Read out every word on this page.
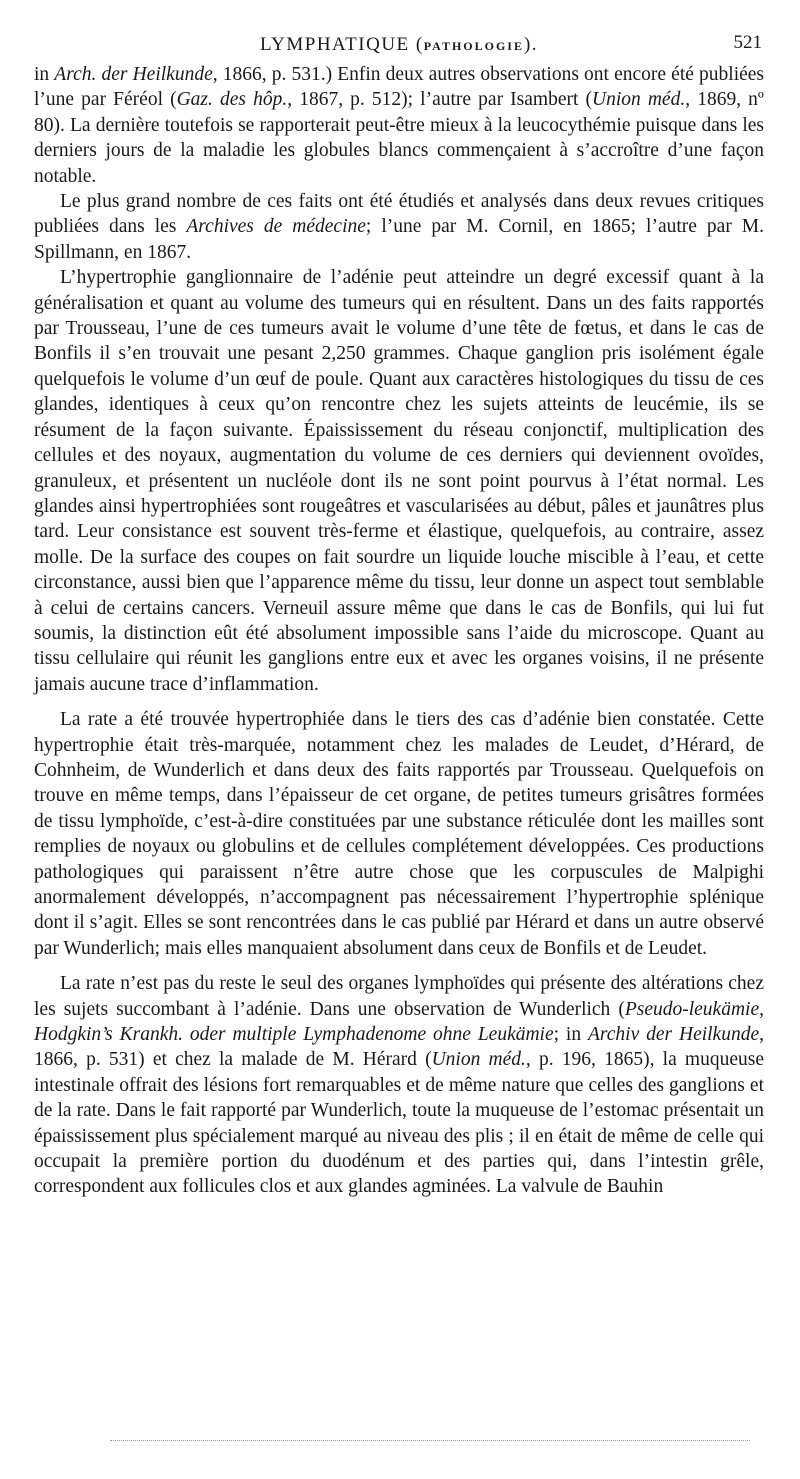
LYMPHATIQUE (PATHOLOGIE).	521

in Arch. der Heilkunde, 1866, p. 531.) Enfin deux autres observations ont encore été publiées l’une par Féréol (Gaz. des hôp., 1867, p. 512); l’autre par Isambert (Union méd., 1869, nº 80). La dernière toutefois se rapporterait peut-être mieux à la leucocythémie puisque dans les derniers jours de la maladie les globules blancs commençaient à s’accroître d’une façon notable.

Le plus grand nombre de ces faits ont été étudiés et analysés dans deux revues critiques publiées dans les Archives de médecine; l’une par M. Cornil, en 1865; l’autre par M. Spillmann, en 1867.

L’hypertrophie ganglionnaire de l’adénie peut atteindre un degré excessif quant à la généralisation et quant au volume des tumeurs qui en résultent. Dans un des faits rapportés par Trousseau, l’une de ces tumeurs avait le volume d’une tête de fœtus, et dans le cas de Bonfils il s’en trouvait une pesant 2,250 grammes. Chaque ganglion pris isolément égale quelquefois le volume d’un œuf de poule. Quant aux caractères histologiques du tissu de ces glandes, identiques à ceux qu’on rencontre chez les sujets atteints de leucémie, ils se résument de la façon suivante. Épaississement du réseau conjonctif, multiplication des cellules et des noyaux, augmentation du volume de ces derniers qui deviennent ovoïdes, granuleux, et présentent un nucléole dont ils ne sont point pourvus à l’état normal. Les glandes ainsi hypertrophiées sont rougeâtres et vascularisées au début, pâles et jaunâtres plus tard. Leur consistance est souvent très-ferme et élastique, quelquefois, au contraire, assez molle. De la surface des coupes on fait sourdre un liquide louche miscible à l’eau, et cette circonstance, aussi bien que l’apparence même du tissu, leur donne un aspect tout semblable à celui de certains cancers. Verneuil assure même que dans le cas de Bonfils, qui lui fut soumis, la distinction eût été absolument impossible sans l’aide du microscope. Quant au tissu cellulaire qui réunit les ganglions entre eux et avec les organes voisins, il ne présente jamais aucune trace d’inflammation.

La rate a été trouvée hypertrophiée dans le tiers des cas d’adénie bien constatée. Cette hypertrophie était très-marquée, notamment chez les malades de Leudet, d’Hérard, de Cohnheim, de Wunderlich et dans deux des faits rapportés par Trousseau. Quelquefois on trouve en même temps, dans l’épaisseur de cet organe, de petites tumeurs grisâtres formées de tissu lymphoïde, c’est-à-dire constituées par une substance réticulée dont les mailles sont remplies de noyaux ou globulins et de cellules complétement développées. Ces productions pathologiques qui paraissent n’être autre chose que les corpuscules de Malpighi anormalement développés, n’accompagnent pas nécessairement l’hypertrophie splénique dont il s’agit. Elles se sont rencontrées dans le cas publié par Hérard et dans un autre observé par Wunderlich; mais elles manquaient absolument dans ceux de Bonfils et de Leudet.

La rate n’est pas du reste le seul des organes lymphoïdes qui présente des altérations chez les sujets succombant à l’adénie. Dans une observation de Wunderlich (Pseudo-leukämie, Hodgkin’s Krankh. oder multiple Lymphadenome ohne Leukämie; in Archiv der Heilkunde, 1866, p. 531) et chez la malade de M. Hérard (Union méd., p. 196, 1865), la muqueuse intestinale offrait des lésions fort remarquables et de même nature que celles des ganglions et de la rate. Dans le fait rapporté par Wunderlich, toute la muqueuse de l’estomac présentait un épaississement plus spécialement marqué au niveau des plis ; il en était de même de celle qui occupait la première portion du duodénum et des parties qui, dans l’intestin grêle, correspondent aux follicules clos et aux glandes agminées. La valvule de Bauhin
